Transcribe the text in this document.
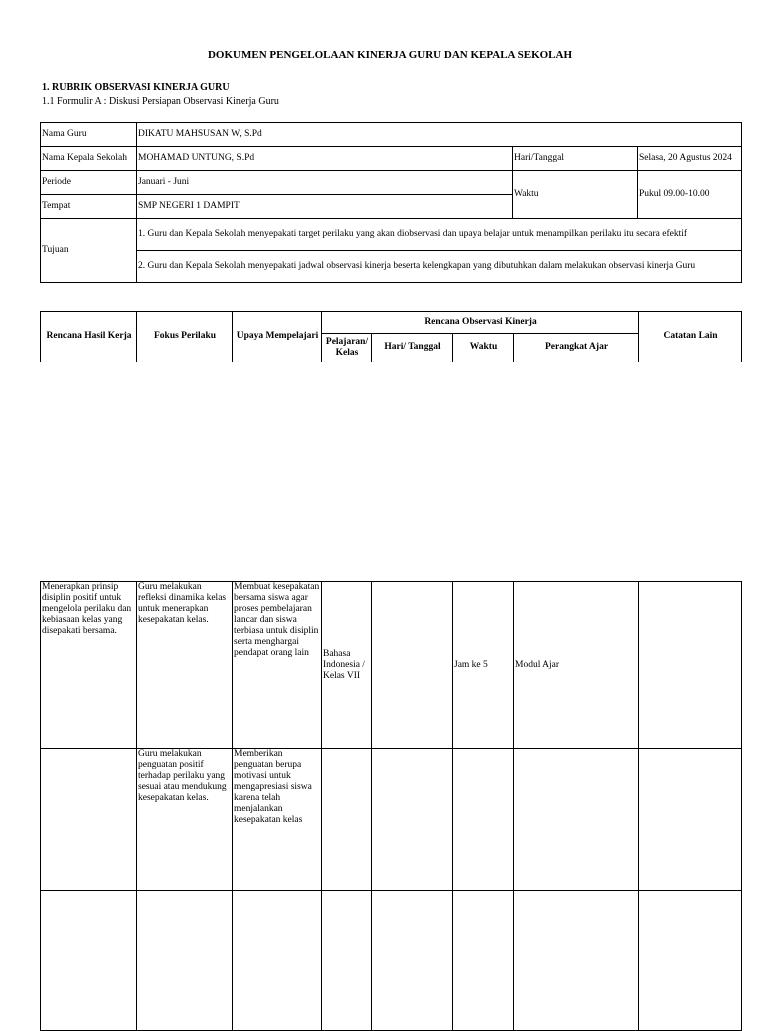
DOKUMEN PENGELOLAAN KINERJA GURU DAN KEPALA SEKOLAH
1. RUBRIK OBSERVASI KINERJA GURU
1.1 Formulir A : Diskusi Persiapan Observasi Kinerja Guru
Nama Guru	DIKATU MAHSUSAN W, S.Pd		
Nama Kepala Sekolah	MOHAMAD UNTUNG, S.Pd	Hari/Tanggal	Selasa, 20 Agustus 2024
Periode	Januari - Juni	Waktu	Pukul 09.00-10.00
Tempat	SMP NEGERI 1 DAMPIT		
Tujuan	1. Guru dan Kepala Sekolah menyepakati target perilaku yang akan diobservasi dan upaya belajar untuk menampilkan perilaku itu secara efektif		
	2. Guru dan Kepala Sekolah menyepakati jadwal observasi kinerja beserta kelengkapan yang dibutuhkan dalam melakukan observasi kinerja Guru		
Rencana Hasil Kerja	Fokus Perilaku	Upaya Mempelajari	Rencana Observasi Kinerja				Catatan Lain
			Pelajaran/ Kelas	Hari/ Tanggal	Waktu	Perangkat Ajar	
Menerapkan prinsip disiplin positif untuk mengelola perilaku dan kebiasaan kelas yang disepakati bersama.	Guru melakukan refleksi dinamika kelas untuk menerapkan kesepakatan kelas.	Membuat kesepakatan bersama siswa agar proses pembelajaran lancar dan siswa terbiasa untuk disiplin serta menghargai pendapat orang lain	Bahasa Indonesia / Kelas VII		Jam ke 5	Modul Ajar	
	Guru melakukan penguatan positif terhadap perilaku yang sesuai atau mendukung kesepakatan kelas.	Memberikan penguatan berupa motivasi untuk mengapresiasi siswa karena telah menjalankan kesepakatan kelas					
